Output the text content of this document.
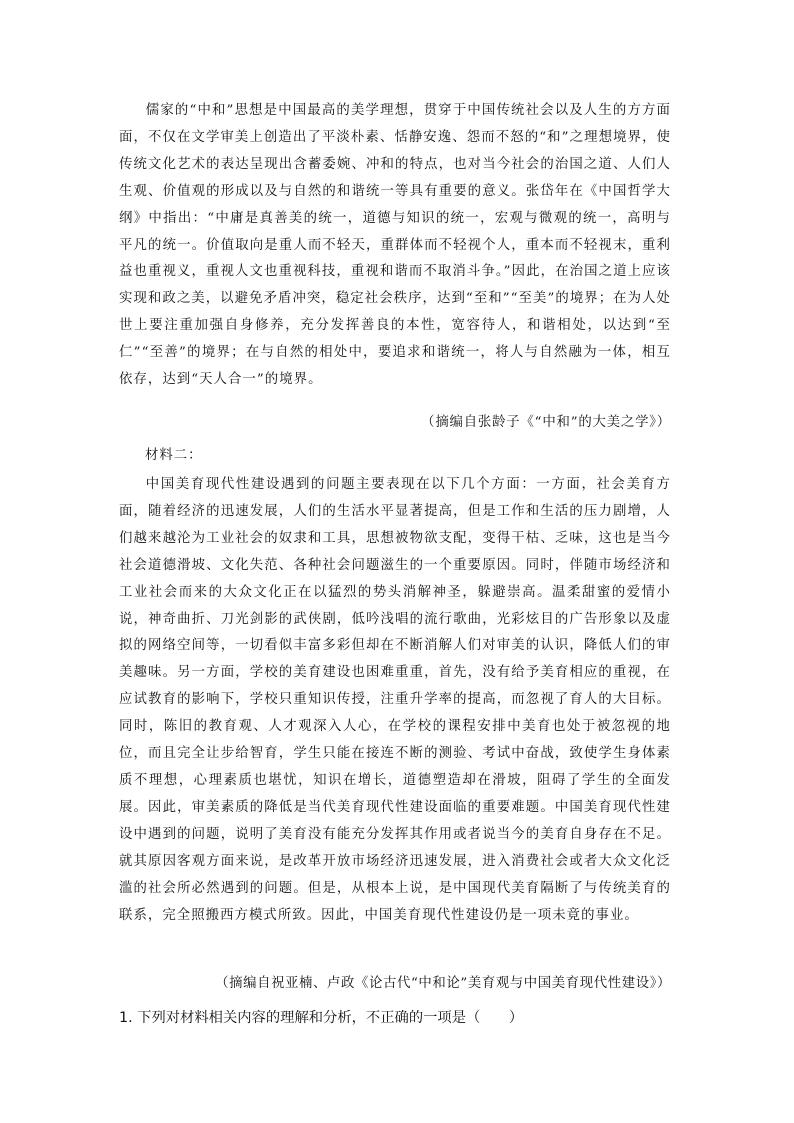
儒家的“中和”思想是中国最高的美学理想，贯穿于中国传统社会以及人生的方方面面，不仅在文学审美上创造出了平淡朴素、恬静安逸、怨而不怒的“和”之理想境界，使传统文化艺术的表达呈现出含蓄委婉、冲和的特点，也对当今社会的治国之道、人们人生观、价值观的形成以及与自然的和谐统一等具有重要的意义。张岱年在《中国哲学大纲》中指出：“中庸是真善美的统一，道德与知识的统一，宏观与微观的统一，高明与平凡的统一。价值取向是重人而不轻天，重群体而不轻视个人，重本而不轻视末，重利益也重视义，重视人文也重视科技，重视和谐而不取消斗争。”因此，在治国之道上应该实现和政之美，以避免矛盾冲突，稳定社会秩序，达到“至和”“至美”的境界；在为人处世上要注重加强自身修养，充分发挥善良的本性，宽容待人，和谐相处，以达到“至仁”“至善”的境界；在与自然的相处中，要追求和谐统一，将人与自然融为一体，相互依存，达到“天人合一”的境界。

（摘编自张龄子《“中和”的大美之学》）

材料二：

中国美育现代性建设遇到的问题主要表现在以下几个方面：一方面，社会美育方面，随着经济的迅速发展，人们的生活水平显著提高，但是工作和生活的压力剧增，人们越来越沦为工业社会的奴隶和工具，思想被物欲支配，变得干枯、乏味，这也是当今社会道德滑坡、文化失范、各种社会问题滋生的一个重要原因。同时，伴随市场经济和工业社会而来的大众文化正在以猛烈的势头消解神圣，躲避崇高。温柔甜蜜的爱情小说，神奇曲折、刀光剑影的武侠剧，低吟浅唱的流行歌曲，光彩炫目的广告形象以及虚拟的网络空间等，一切看似丰富多彩但却在不断消解人们对审美的认识，降低人们的审美趣味。另一方面，学校的美育建设也困难重重，首先，没有给予美育相应的重视，在应试教育的影响下，学校只重知识传授，注重升学率的提高，而忽视了育人的大目标。同时，陈旧的教育观、人才观深入人心，在学校的课程安排中美育也处于被忽视的地位，而且完全让步给智育，学生只能在接连不断的测验、考试中奋战，致使学生身体素质不理想，心理素质也堪忧，知识在增长，道德塑造却在滑坡，阻碍了学生的全面发展。因此，审美素质的降低是当代美育现代性建设面临的重要难题。中国美育现代性建设中遇到的问题，说明了美育没有能充分发挥其作用或者说当今的美育自身存在不足。就其原因客观方面来说，是改革开放市场经济迅速发展，进入消费社会或者大众文化泛滥的社会所必然遇到的问题。但是，从根本上说，是中国现代美育隔断了与传统美育的联系，完全照搬西方模式所致。因此，中国美育现代性建设仍是一项未竟的事业。

（摘编自祝亚楠、卢政《论古代“中和论”美育观与中国美育现代性建设》）

1. 下列对材料相关内容的理解和分析，不正确的一项是（　　）
